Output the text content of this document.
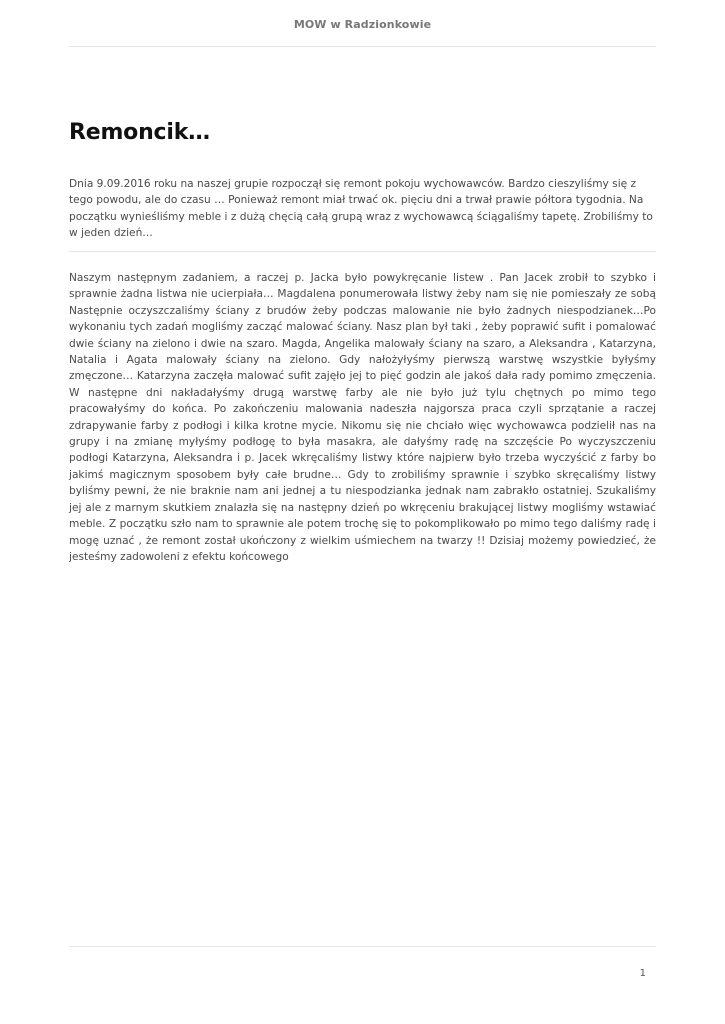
MOW w Radzionkowie
Remoncik…

Dnia 9.09.2016 roku na naszej grupie rozpoczął się remont pokoju wychowawców. Bardzo cieszyliśmy się z tego powodu, ale do czasu … Ponieważ remont miał trwać ok. pięciu dni a trwał prawie półtora tygodnia. Na początku wynieśliśmy meble i z dużą chęcią całą grupą wraz z wychowawcą ściągaliśmy tapetę. Zrobiliśmy to w jeden dzień…

Naszym następnym zadaniem, a raczej p. Jacka było powykręcanie listew . Pan Jacek zrobił to szybko i sprawnie żadna listwa nie ucierpiała… Magdalena ponumerowała listwy żeby nam się nie pomieszały ze sobą Następnie oczyszczaliśmy ściany z brudów żeby podczas malowanie nie było żadnych niespodzianek…Po wykonaniu tych zadań mogliśmy zacząć malować ściany. Nasz plan był taki , żeby poprawić sufit i pomalować dwie ściany na zielono i dwie na szaro. Magda, Angelika malowały ściany na szaro, a Aleksandra , Katarzyna, Natalia i Agata malowały ściany na zielono. Gdy nałożyłyśmy pierwszą warstwę wszystkie byłyśmy zmęczone… Katarzyna zaczęła malować sufit zajęło jej to pięć godzin ale jakoś dała rady pomimo zmęczenia. W następne dni nakładałyśmy drugą warstwę farby ale nie było już tylu chętnych po mimo tego pracowałyśmy do końca. Po zakończeniu malowania nadeszła najgorsza praca czyli sprzątanie a raczej zdrapywanie farby z podłogi i kilka krotne mycie. Nikomu się nie chciało więc wychowawca podzielił nas na grupy i na zmianę myłyśmy podłogę to była masakra, ale dałyśmy radę na szczęście Po wyczyszczeniu podłogi Katarzyna, Aleksandra i p. Jacek wkręcaliśmy listwy które najpierw było trzeba wyczyścić z farby bo jakimś magicznym sposobem były całe brudne… Gdy to zrobiliśmy sprawnie i szybko skręcaliśmy listwy byliśmy pewni, że nie braknie nam ani jednej a tu niespodzianka jednak nam zabrakło ostatniej. Szukaliśmy jej ale z marnym skutkiem znalazła się na następny dzień po wkręceniu brakującej listwy mogliśmy wstawiać meble. Z początku szło nam to sprawnie ale potem trochę się to pokomplikowało po mimo tego daliśmy radę i mogę uznać , że remont został ukończony z wielkim uśmiechem na twarzy !! Dzisiaj możemy powiedzieć, że jesteśmy zadowoleni z efektu końcowego

1
